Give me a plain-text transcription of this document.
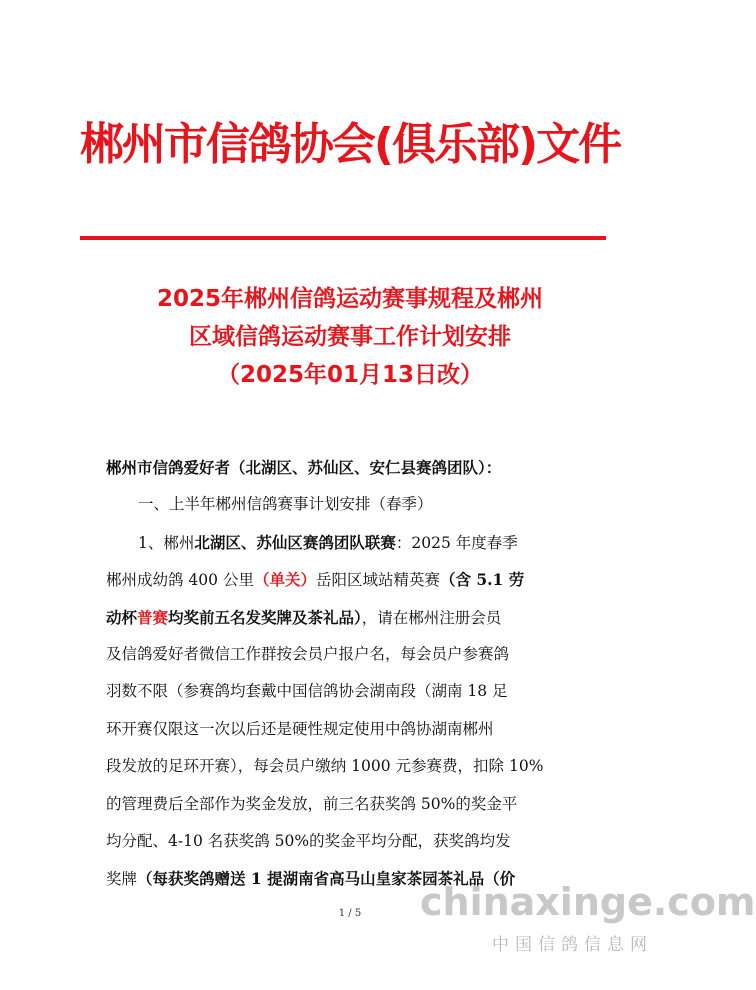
郴州市信鸽协会(俱乐部)文件
2025年郴州信鸽运动赛事规程及郴州
区域信鸽运动赛事工作计划安排
（2025年01月13日改）
郴州市信鸽爱好者（北湖区、苏仙区、安仁县赛鸽团队）：
一、上半年郴州信鸽赛事计划安排（春季）
1、郴州北湖区、苏仙区赛鸽团队联赛：2025 年度春季
郴州成幼鸽 400 公里（单关）岳阳区域站精英赛（含 5.1 劳
动杯普赛均奖前五名发奖牌及茶礼品），请在郴州注册会员
及信鸽爱好者微信工作群按会员户报户名，每会员户参赛鸽
羽数不限（参赛鸽均套戴中国信鸽协会湖南段（湖南 18 足
环开赛仅限这一次以后还是硬性规定使用中鸽协湖南郴州
段发放的足环开赛），每会员户缴纳 1000 元参赛费，扣除 10%
的管理费后全部作为奖金发放，前三名获奖鸽 50%的奖金平
均分配、4-10 名获奖鸽 50%的奖金平均分配，获奖鸽均发
奖牌（每获奖鸽赠送 1 提湖南省高马山皇家茶园茶礼品（价
1 / 5	chinaxinge.com
中国信鸽信息网
